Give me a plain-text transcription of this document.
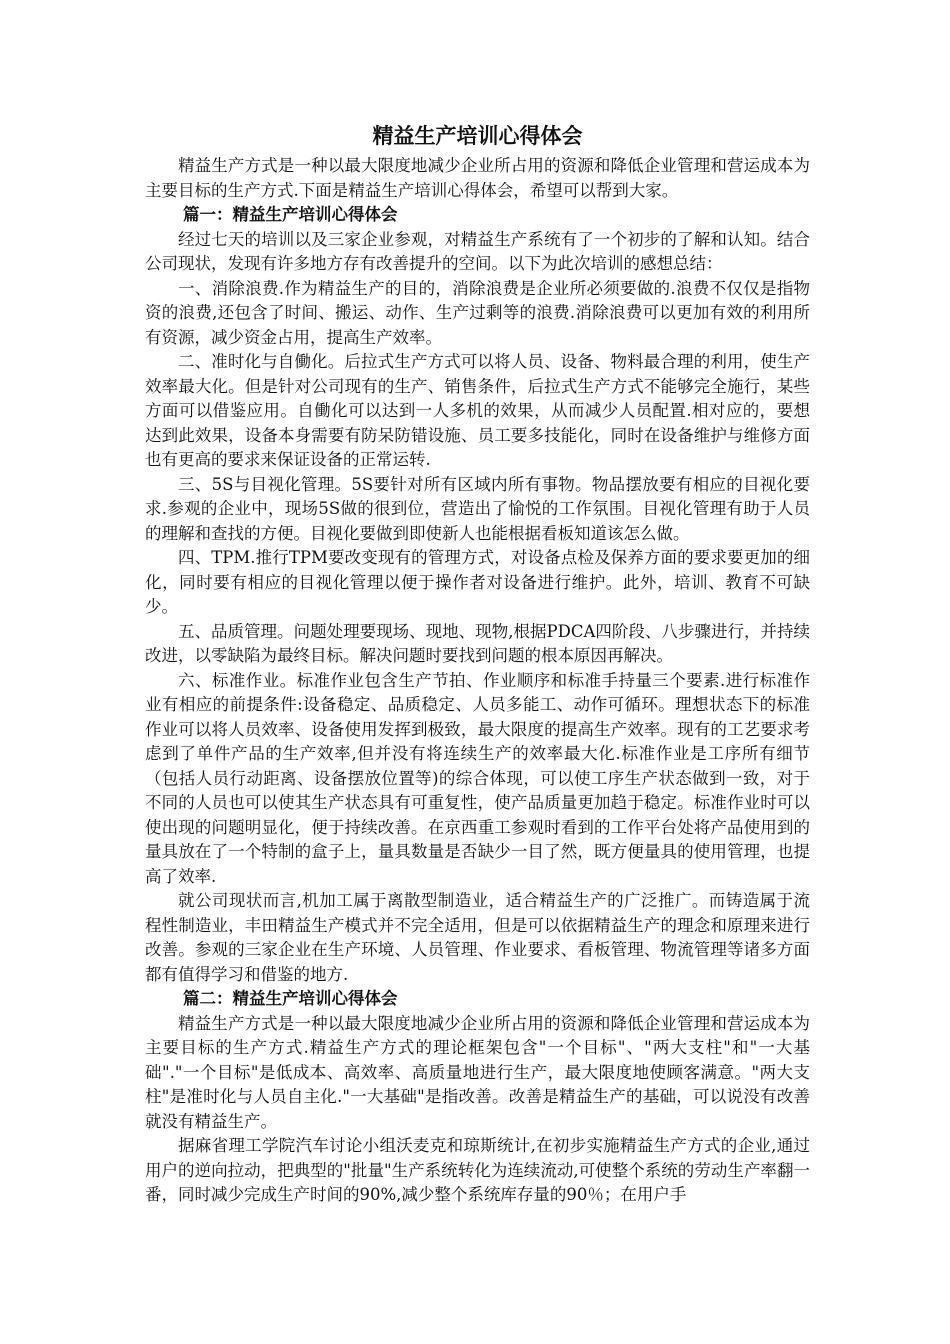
精益生产培训心得体会

精益生产方式是一种以最大限度地减少企业所占用的资源和降低企业管理和营运成本为主要目标的生产方式.下面是精益生产培训心得体会，希望可以帮到大家。

篇一：精益生产培训心得体会

经过七天的培训以及三家企业参观，对精益生产系统有了一个初步的了解和认知。结合公司现状，发现有许多地方存有改善提升的空间。以下为此次培训的感想总结：

一、消除浪费.作为精益生产的目的，消除浪费是企业所必须要做的.浪费不仅仅是指物资的浪费,还包含了时间、搬运、动作、生产过剩等的浪费.消除浪费可以更加有效的利用所有资源，减少资金占用，提高生产效率。

二、准时化与自働化。后拉式生产方式可以将人员、设备、物料最合理的利用，使生产效率最大化。但是针对公司现有的生产、销售条件，后拉式生产方式不能够完全施行，某些方面可以借鉴应用。自働化可以达到一人多机的效果，从而减少人员配置.相对应的，要想达到此效果，设备本身需要有防呆防错设施、员工要多技能化，同时在设备维护与维修方面也有更高的要求来保证设备的正常运转.

三、5S与目视化管理。5S要针对所有区域内所有事物。物品摆放要有相应的目视化要求.参观的企业中，现场5S做的很到位，营造出了愉悦的工作氛围。目视化管理有助于人员的理解和查找的方便。目视化要做到即使新人也能根据看板知道该怎么做。

四、TPM.推行TPM要改变现有的管理方式，对设备点检及保养方面的要求要更加的细化，同时要有相应的目视化管理以便于操作者对设备进行维护。此外，培训、教育不可缺少。

五、品质管理。问题处理要现场、现地、现物,根据PDCA四阶段、八步骤进行，并持续改进，以零缺陷为最终目标。解决问题时要找到问题的根本原因再解决。

六、标准作业。标准作业包含生产节拍、作业顺序和标准手持量三个要素.进行标准作业有相应的前提条件:设备稳定、品质稳定、人员多能工、动作可循环。理想状态下的标准作业可以将人员效率、设备使用发挥到极致，最大限度的提高生产效率。现有的工艺要求考虑到了单件产品的生产效率,但并没有将连续生产的效率最大化.标准作业是工序所有细节（包括人员行动距离、设备摆放位置等)的综合体现，可以使工序生产状态做到一致，对于不同的人员也可以使其生产状态具有可重复性，使产品质量更加趋于稳定。标准作业时可以使出现的问题明显化，便于持续改善。在京西重工参观时看到的工作平台处将产品使用到的量具放在了一个特制的盒子上，量具数量是否缺少一目了然，既方便量具的使用管理，也提高了效率.

就公司现状而言,机加工属于离散型制造业，适合精益生产的广泛推广。而铸造属于流程性制造业，丰田精益生产模式并不完全适用，但是可以依据精益生产的理念和原理来进行改善。参观的三家企业在生产环境、人员管理、作业要求、看板管理、物流管理等诸多方面都有值得学习和借鉴的地方.

篇二：精益生产培训心得体会

精益生产方式是一种以最大限度地减少企业所占用的资源和降低企业管理和营运成本为主要目标的生产方式.精益生产方式的理论框架包含"一个目标"、"两大支柱"和"一大基础"."一个目标"是低成本、高效率、高质量地进行生产，最大限度地使顾客满意。"两大支柱"是准时化与人员自主化."一大基础"是指改善。改善是精益生产的基础，可以说没有改善就没有精益生产。

据麻省理工学院汽车讨论小组沃麦克和琼斯统计,在初步实施精益生产方式的企业,通过用户的逆向拉动，把典型的"批量"生产系统转化为连续流动,可使整个系统的劳动生产率翻一番，同时减少完成生产时间的90%,减少整个系统库存量的90％；在用户手
